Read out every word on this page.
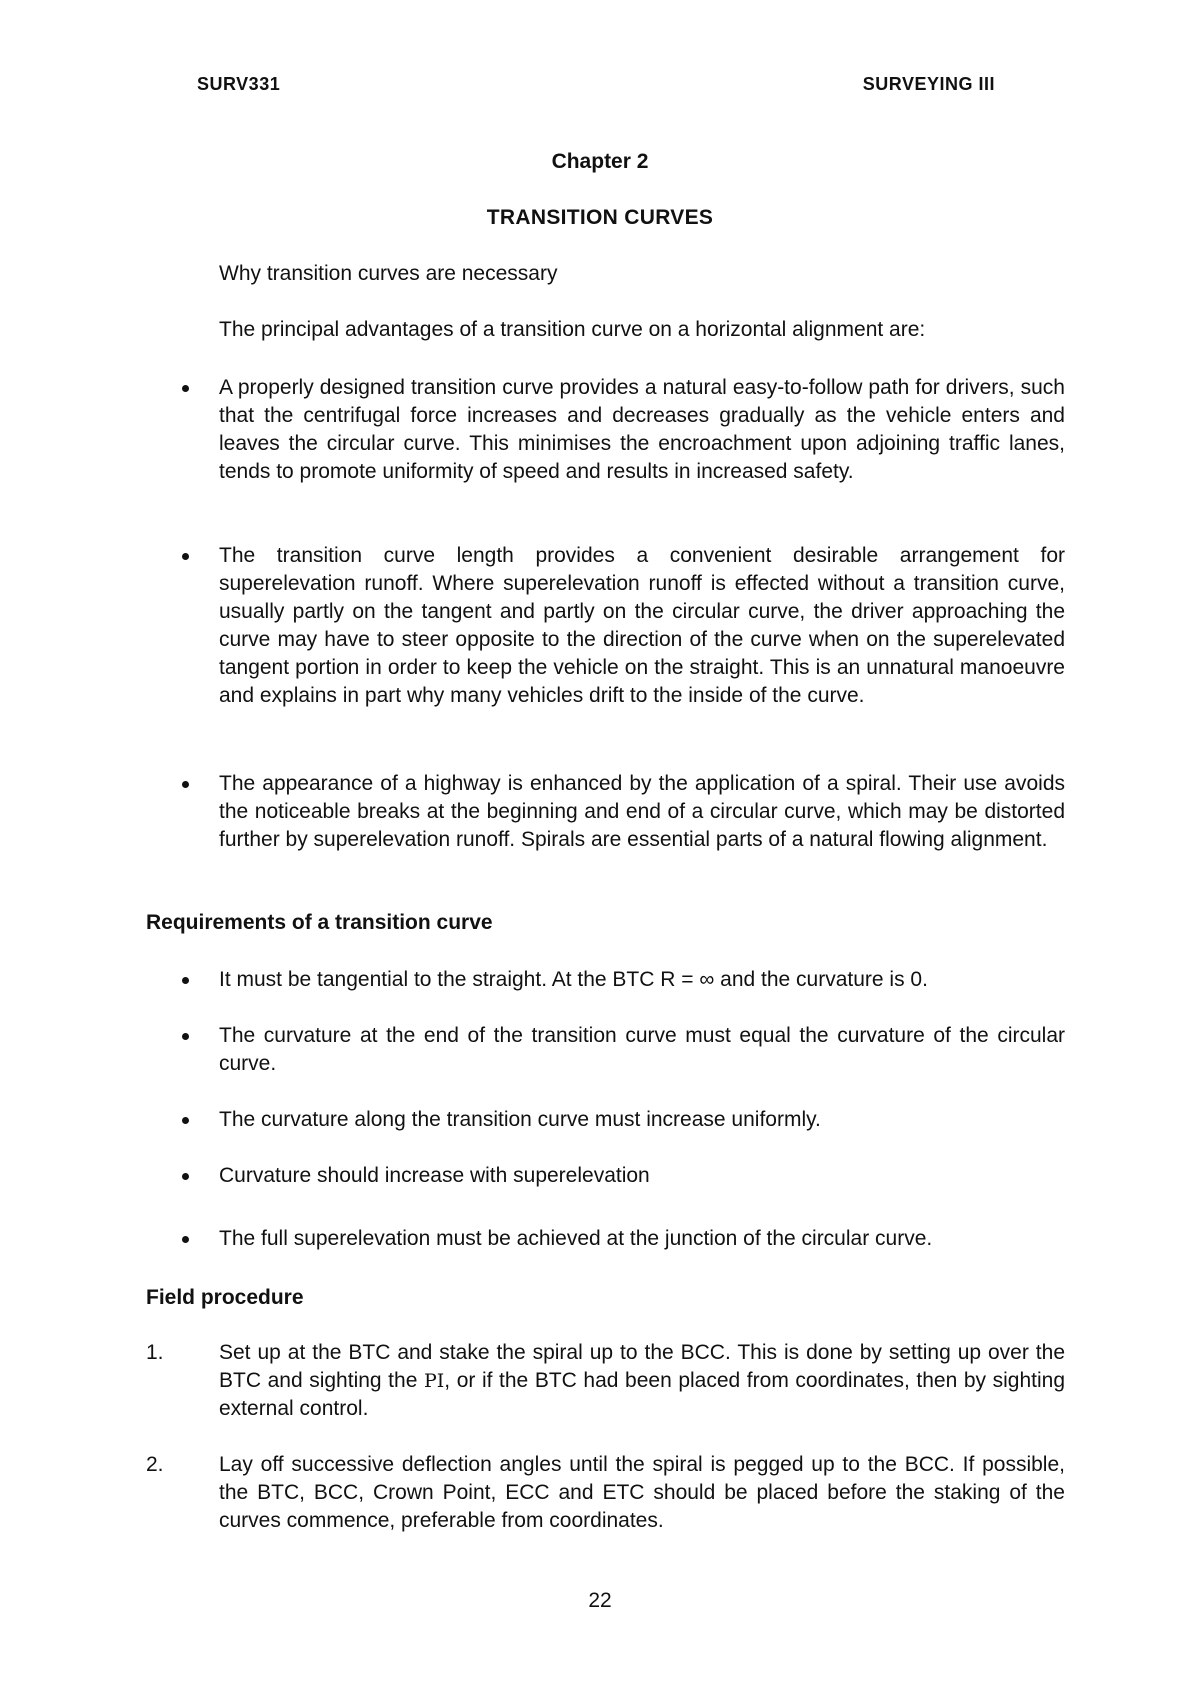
SURV331	SURVEYING III
Chapter 2
TRANSITION CURVES
Why transition curves are necessary
The principal advantages of a transition curve on a horizontal alignment are:
A properly designed transition curve provides a natural easy-to-follow path for drivers, such that the centrifugal force increases and decreases gradually as the vehicle enters and leaves the circular curve. This minimises the encroachment upon adjoining traffic lanes, tends to promote uniformity of speed and results in increased safety.
The transition curve length provides a convenient desirable arrangement for superelevation runoff. Where superelevation runoff is effected without a transition curve, usually partly on the tangent and partly on the circular curve, the driver approaching the curve may have to steer opposite to the direction of the curve when on the superelevated tangent portion in order to keep the vehicle on the straight. This is an unnatural manoeuvre and explains in part why many vehicles drift to the inside of the curve.
The appearance of a highway is enhanced by the application of a spiral. Their use avoids the noticeable breaks at the beginning and end of a circular curve, which may be distorted further by superelevation runoff. Spirals are essential parts of a natural flowing alignment.
Requirements of a transition curve
It must be tangential to the straight. At the BTC R = ∞ and the curvature is 0.
The curvature at the end of the transition curve must equal the curvature of the circular curve.
The curvature along the transition curve must increase uniformly.
Curvature should increase with superelevation
The full superelevation must be achieved at the junction of the circular curve.
Field procedure
1.	Set up at the BTC and stake the spiral up to the BCC. This is done by setting up over the BTC and sighting the PI, or if the BTC had been placed from coordinates, then by sighting external control.
2.	Lay off successive deflection angles until the spiral is pegged up to the BCC. If possible, the BTC, BCC, Crown Point, ECC and ETC should be placed before the staking of the curves commence, preferable from coordinates.
22
